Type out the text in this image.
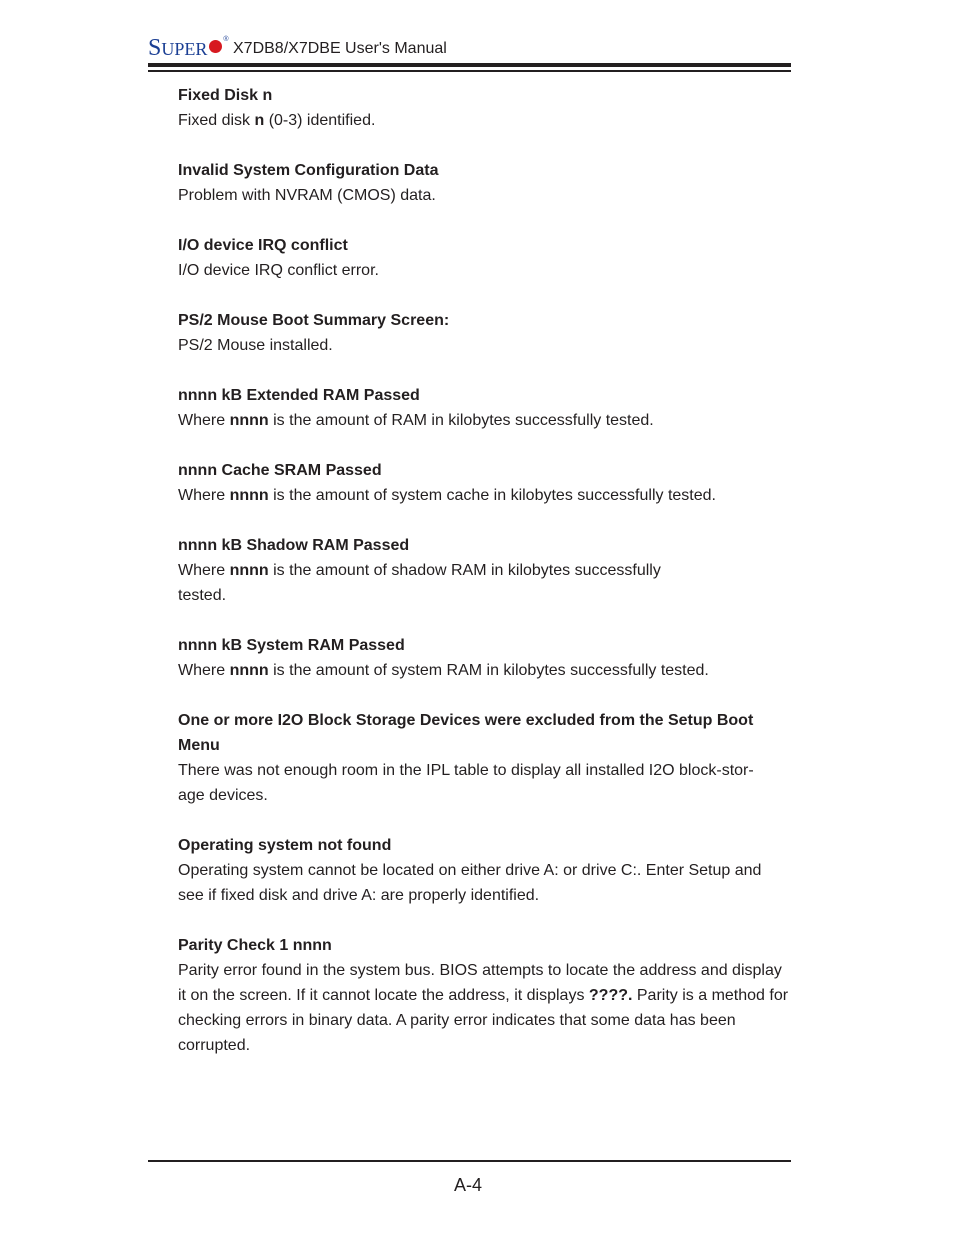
SUPER ®
X7DB8/X7DBE User's Manual

Fixed Disk n

Fixed disk n (0-3) identified.

Invalid System Configuration Data

Problem with NVRAM (CMOS) data.

I/O device IRQ conflict

I/O device IRQ conflict error.

PS/2 Mouse Boot Summary Screen:

PS/2 Mouse installed.

nnnn kB Extended RAM Passed

Where nnnn is the amount of RAM in kilobytes successfully tested.

nnnn Cache SRAM Passed

Where nnnn is the amount of system cache in kilobytes successfully tested.

nnnn kB Shadow RAM Passed

Where nnnn is the amount of shadow RAM in kilobytes successfully
tested.

nnnn kB System RAM Passed

Where nnnn is the amount of system RAM in kilobytes successfully tested.

One or more I2O Block Storage Devices were excluded from the Setup Boot Menu

There was not enough room in the IPL table to display all installed I2O block-stor-
age devices.

Operating system not found

Operating system cannot be located on either drive A: or drive C:. Enter Setup and see if fixed disk and drive A: are properly identified.

Parity Check 1 nnnn

Parity error found in the system bus. BIOS attempts to locate the address and display it on the screen. If it cannot locate the address, it displays ????. Parity is a method for checking errors in binary data. A parity error indicates that some data has been corrupted.

A-4
